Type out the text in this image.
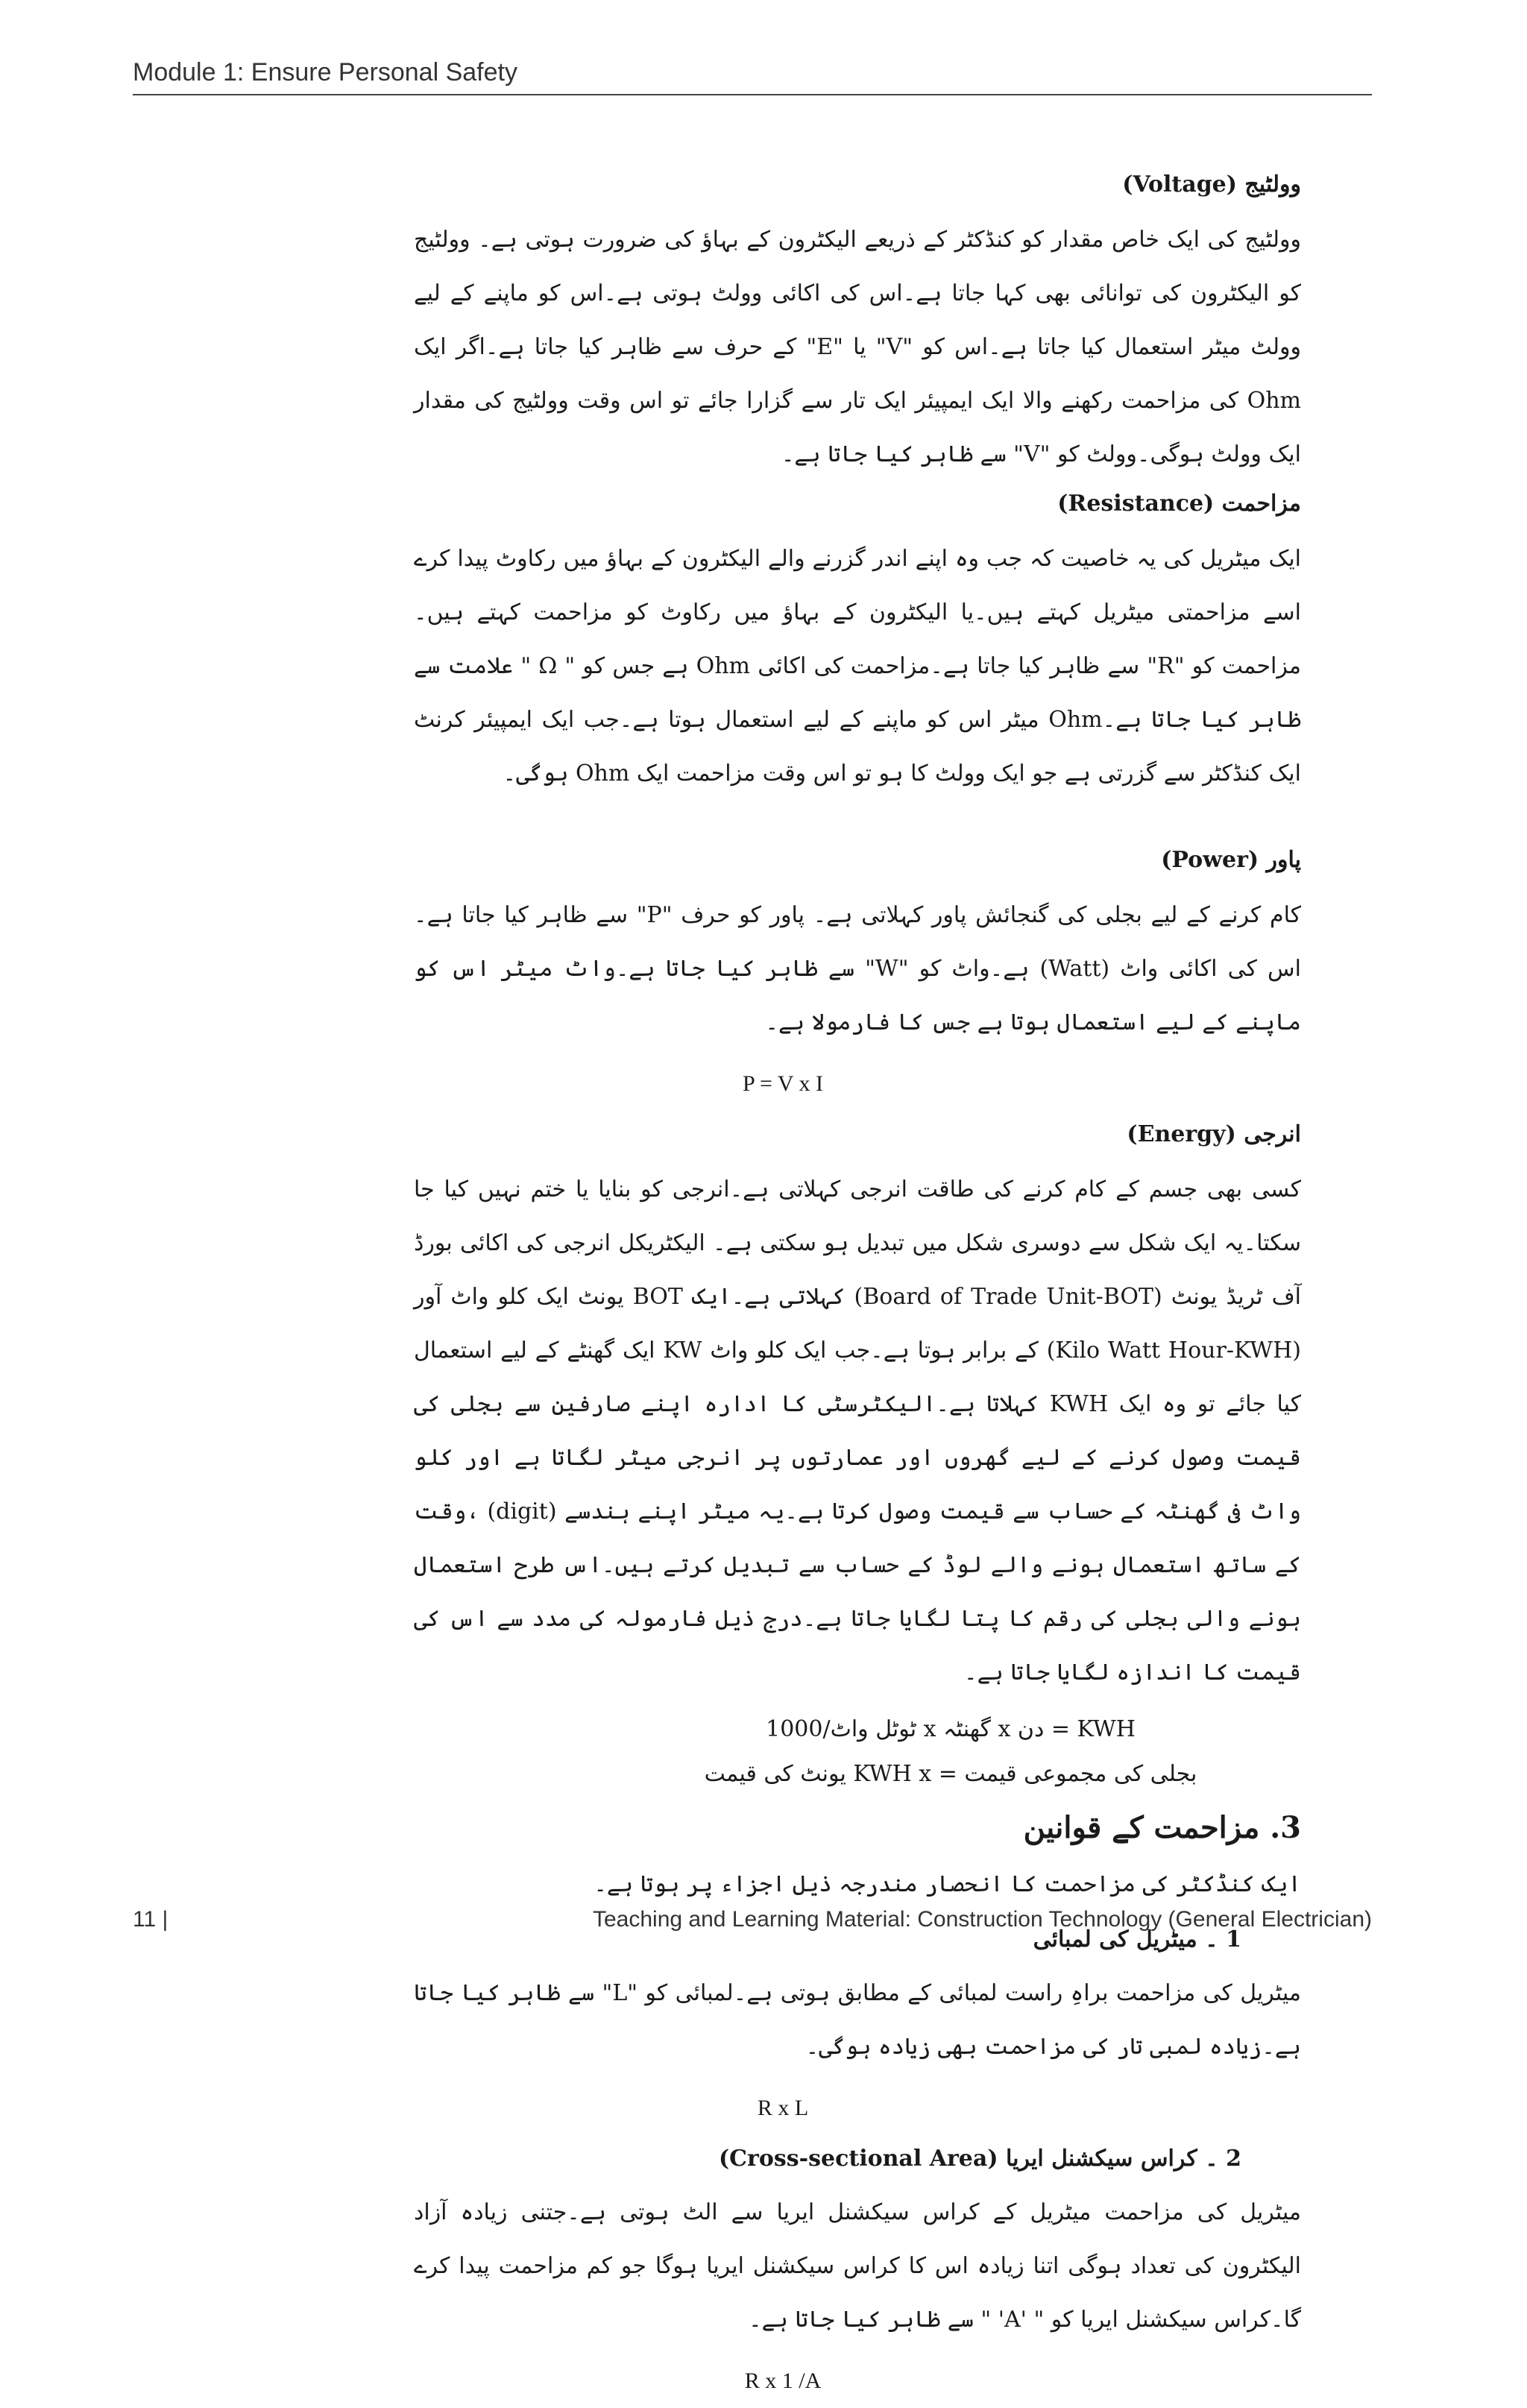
Module 1: Ensure Personal Safety
وولٹیج (Voltage)

وولٹیج کی ایک خاص مقدار کو کنڈکٹر کے ذریعے الیکٹرون کے بہاؤ کی ضرورت ہوتی ہے۔ وولٹیج کو الیکٹرون کی توانائی بھی کہا جاتا ہے۔اس کی اکائی وولٹ ہوتی ہے۔اس کو ماپنے کے لیے وولٹ میٹر استعمال کیا جاتا ہے۔اس کو "V" یا "E" کے حرف سے ظاہر کیا جاتا ہے۔اگر ایک Ohm کی مزاحمت رکھنے والا ایک ایمپیئر ایک تار سے گزارا جائے تو اس وقت وولٹیج کی مقدار ایک وولٹ ہوگی۔وولٹ کو "V" سے ظاہر کیا جاتا ہے۔

مزاحمت (Resistance)

ایک میٹریل کی یہ خاصیت کہ جب وہ اپنے اندر گزرنے والے الیکٹرون کے بہاؤ میں رکاوٹ پیدا کرے اسے مزاحمتی میٹریل کہتے ہیں۔یا الیکٹرون کے بہاؤ میں رکاوٹ کو مزاحمت کہتے ہیں۔مزاحمت کو "R" سے ظاہر کیا جاتا ہے۔مزاحمت کی اکائی Ohm ہے جس کو " Ω " علامت سے ظاہر کیا جاتا ہے۔Ohm میٹر اس کو ماپنے کے لیے استعمال ہوتا ہے۔جب ایک ایمپیئر کرنٹ ایک کنڈکٹر سے گزرتی ہے جو ایک وولٹ کا ہو تو اس وقت مزاحمت ایک Ohm ہوگی۔

پاور (Power)

کام کرنے کے لیے بجلی کی گنجائش پاور کہلاتی ہے۔ پاور کو حرف "P" سے ظاہر کیا جاتا ہے۔اس کی اکائی واٹ (Watt) ہے۔واٹ کو "W" سے ظاہر کیا جاتا ہے۔واٹ میٹر اس کو ماپنے کے لیے استعمال ہوتا ہے جس کا فارمولا ہے۔

P = V x I

انرجی (Energy)

کسی بھی جسم کے کام کرنے کی طاقت انرجی کہلاتی ہے۔انرجی کو بنایا یا ختم نہیں کیا جا سکتا۔یہ ایک شکل سے دوسری شکل میں تبدیل ہو سکتی ہے۔ الیکٹریکل انرجی کی اکائی بورڈ آف ٹریڈ یونٹ (Board of Trade Unit-BOT) کہلاتی ہے۔ایک BOT یونٹ ایک کلو واٹ آور (Kilo Watt Hour-KWH) کے برابر ہوتا ہے۔جب ایک کلو واٹ KW ایک گھنٹے کے لیے استعمال کیا جائے تو وہ ایک KWH کہلاتا ہے۔الیکٹرسٹی کا ادارہ اپنے صارفین سے بجلی کی قیمت وصول کرنے کے لیے گھروں اور عمارتوں پر انرجی میٹر لگاتا ہے اور کلو واٹ فی گھنٹہ کے حساب سے قیمت وصول کرتا ہے۔یہ میٹر اپنے ہندسے (digit) ،وقت کے ساتھ استعمال ہونے والے لوڈ کے حساب سے تبدیل کرتے ہیں۔اس طرح استعمال ہونے والی بجلی کی رقم کا پتا لگایا جاتا ہے۔درج ذیل فارمولہ کی مدد سے اس کی قیمت کا اندازہ لگایا جاتا ہے۔

KWH = دن x گھنٹہ x ٹوٹل واٹ/1000

بجلی کی مجموعی قیمت = KWH x یونٹ کی قیمت

3. مزاحمت کے قوانین

ایک کنڈکٹر کی مزاحمت کا انحصار مندرجہ ذیل اجزاء پر ہوتا ہے۔

1 ۔ میٹریل کی لمبائی

میٹریل کی مزاحمت براہِ راست لمبائی کے مطابق ہوتی ہے۔لمبائی کو "L" سے ظاہر کیا جاتا ہے۔زیادہ لمبی تار کی مزاحمت بھی زیادہ ہوگی۔

R x L

2 ۔ کراس سیکشنل ایریا (Cross-sectional Area)

میٹریل کی مزاحمت میٹریل کے کراس سیکشنل ایریا سے الٹ ہوتی ہے۔جتنی زیادہ آزاد الیکٹرون کی تعداد ہوگی اتنا زیادہ اس کا کراس سیکشنل ایریا ہوگا جو کم مزاحمت پیدا کرے گا۔کراس سیکشنل ایریا کو " 'A' " سے ظاہر کیا جاتا ہے۔

R x 1 /A

11 |	Teaching and Learning Material: Construction Technology (General Electrician)
